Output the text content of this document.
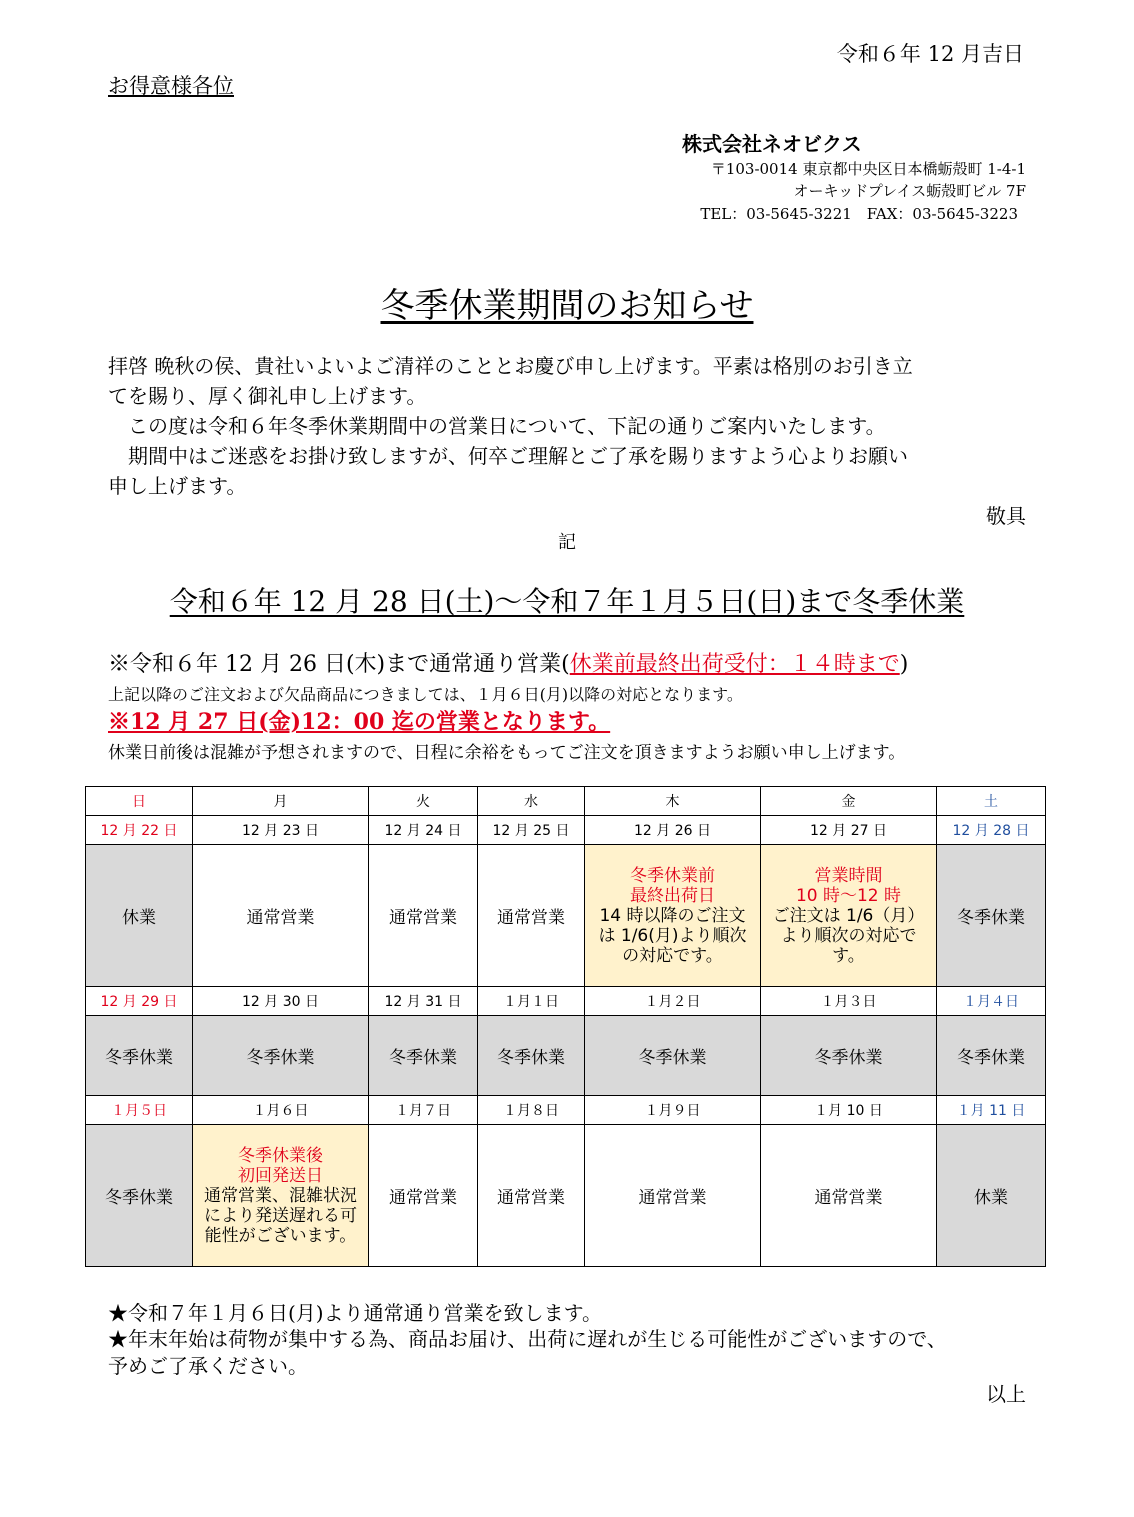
令和６年 12 月吉日
お得意様各位
株式会社ネオビクス
〒103-0014 東京都中央区日本橋蛎殻町 1-4-1
オーキッドプレイス蛎殻町ビル 7F
TEL：03-5645-3221　FAX：03-5645-3223
冬季休業期間のお知らせ
拝啓 晩秋の侯、貴社いよいよご清祥のこととお慶び申し上げます。平素は格別のお引き立
てを賜り、厚く御礼申し上げます。
　この度は令和６年冬季休業期間中の営業日について、下記の通りご案内いたします。
　期間中はご迷惑をお掛け致しますが、何卒ご理解とご了承を賜りますよう心よりお願い
申し上げます。
敬具
記
令和６年 12 月 28 日(土)～令和７年１月５日(日)まで冬季休業
※令和６年 12 月 26 日(木)まで通常通り営業(休業前最終出荷受付：１４時まで)
上記以降のご注文および欠品商品につきましては、１月６日(月)以降の対応となります。
※12 月 27 日(金)12：00 迄の営業となります。
休業日前後は混雑が予想されますので、日程に余裕をもってご注文を頂きますようお願い申し上げます。
日	月	火	水	木	金	土
12 月 22 日	12 月 23 日	12 月 24 日	12 月 25 日	12 月 26 日	12 月 27 日	12 月 28 日
休業	通常営業	通常営業	通常営業	冬季休業前
最終出荷日
14 時以降のご注文
は 1/6(月)より順次
の対応です。	営業時間
10 時～12 時
ご注文は 1/6（月）
より順次の対応で
す。	冬季休業
12 月 29 日	12 月 30 日	12 月 31 日	１月１日	１月２日	１月３日	１月４日
冬季休業	冬季休業	冬季休業	冬季休業	冬季休業	冬季休業	冬季休業
１月５日	１月６日	１月７日	１月８日	１月９日	１月 10 日	１月 11 日
冬季休業	冬季休業後
初回発送日
通常営業、混雑状況
により発送遅れる可
能性がございます。	通常営業	通常営業	通常営業	通常営業	休業
★令和７年１月６日(月)より通常通り営業を致します。
★年末年始は荷物が集中する為、商品お届け、出荷に遅れが生じる可能性がございますので、
予めご了承ください。
以上
